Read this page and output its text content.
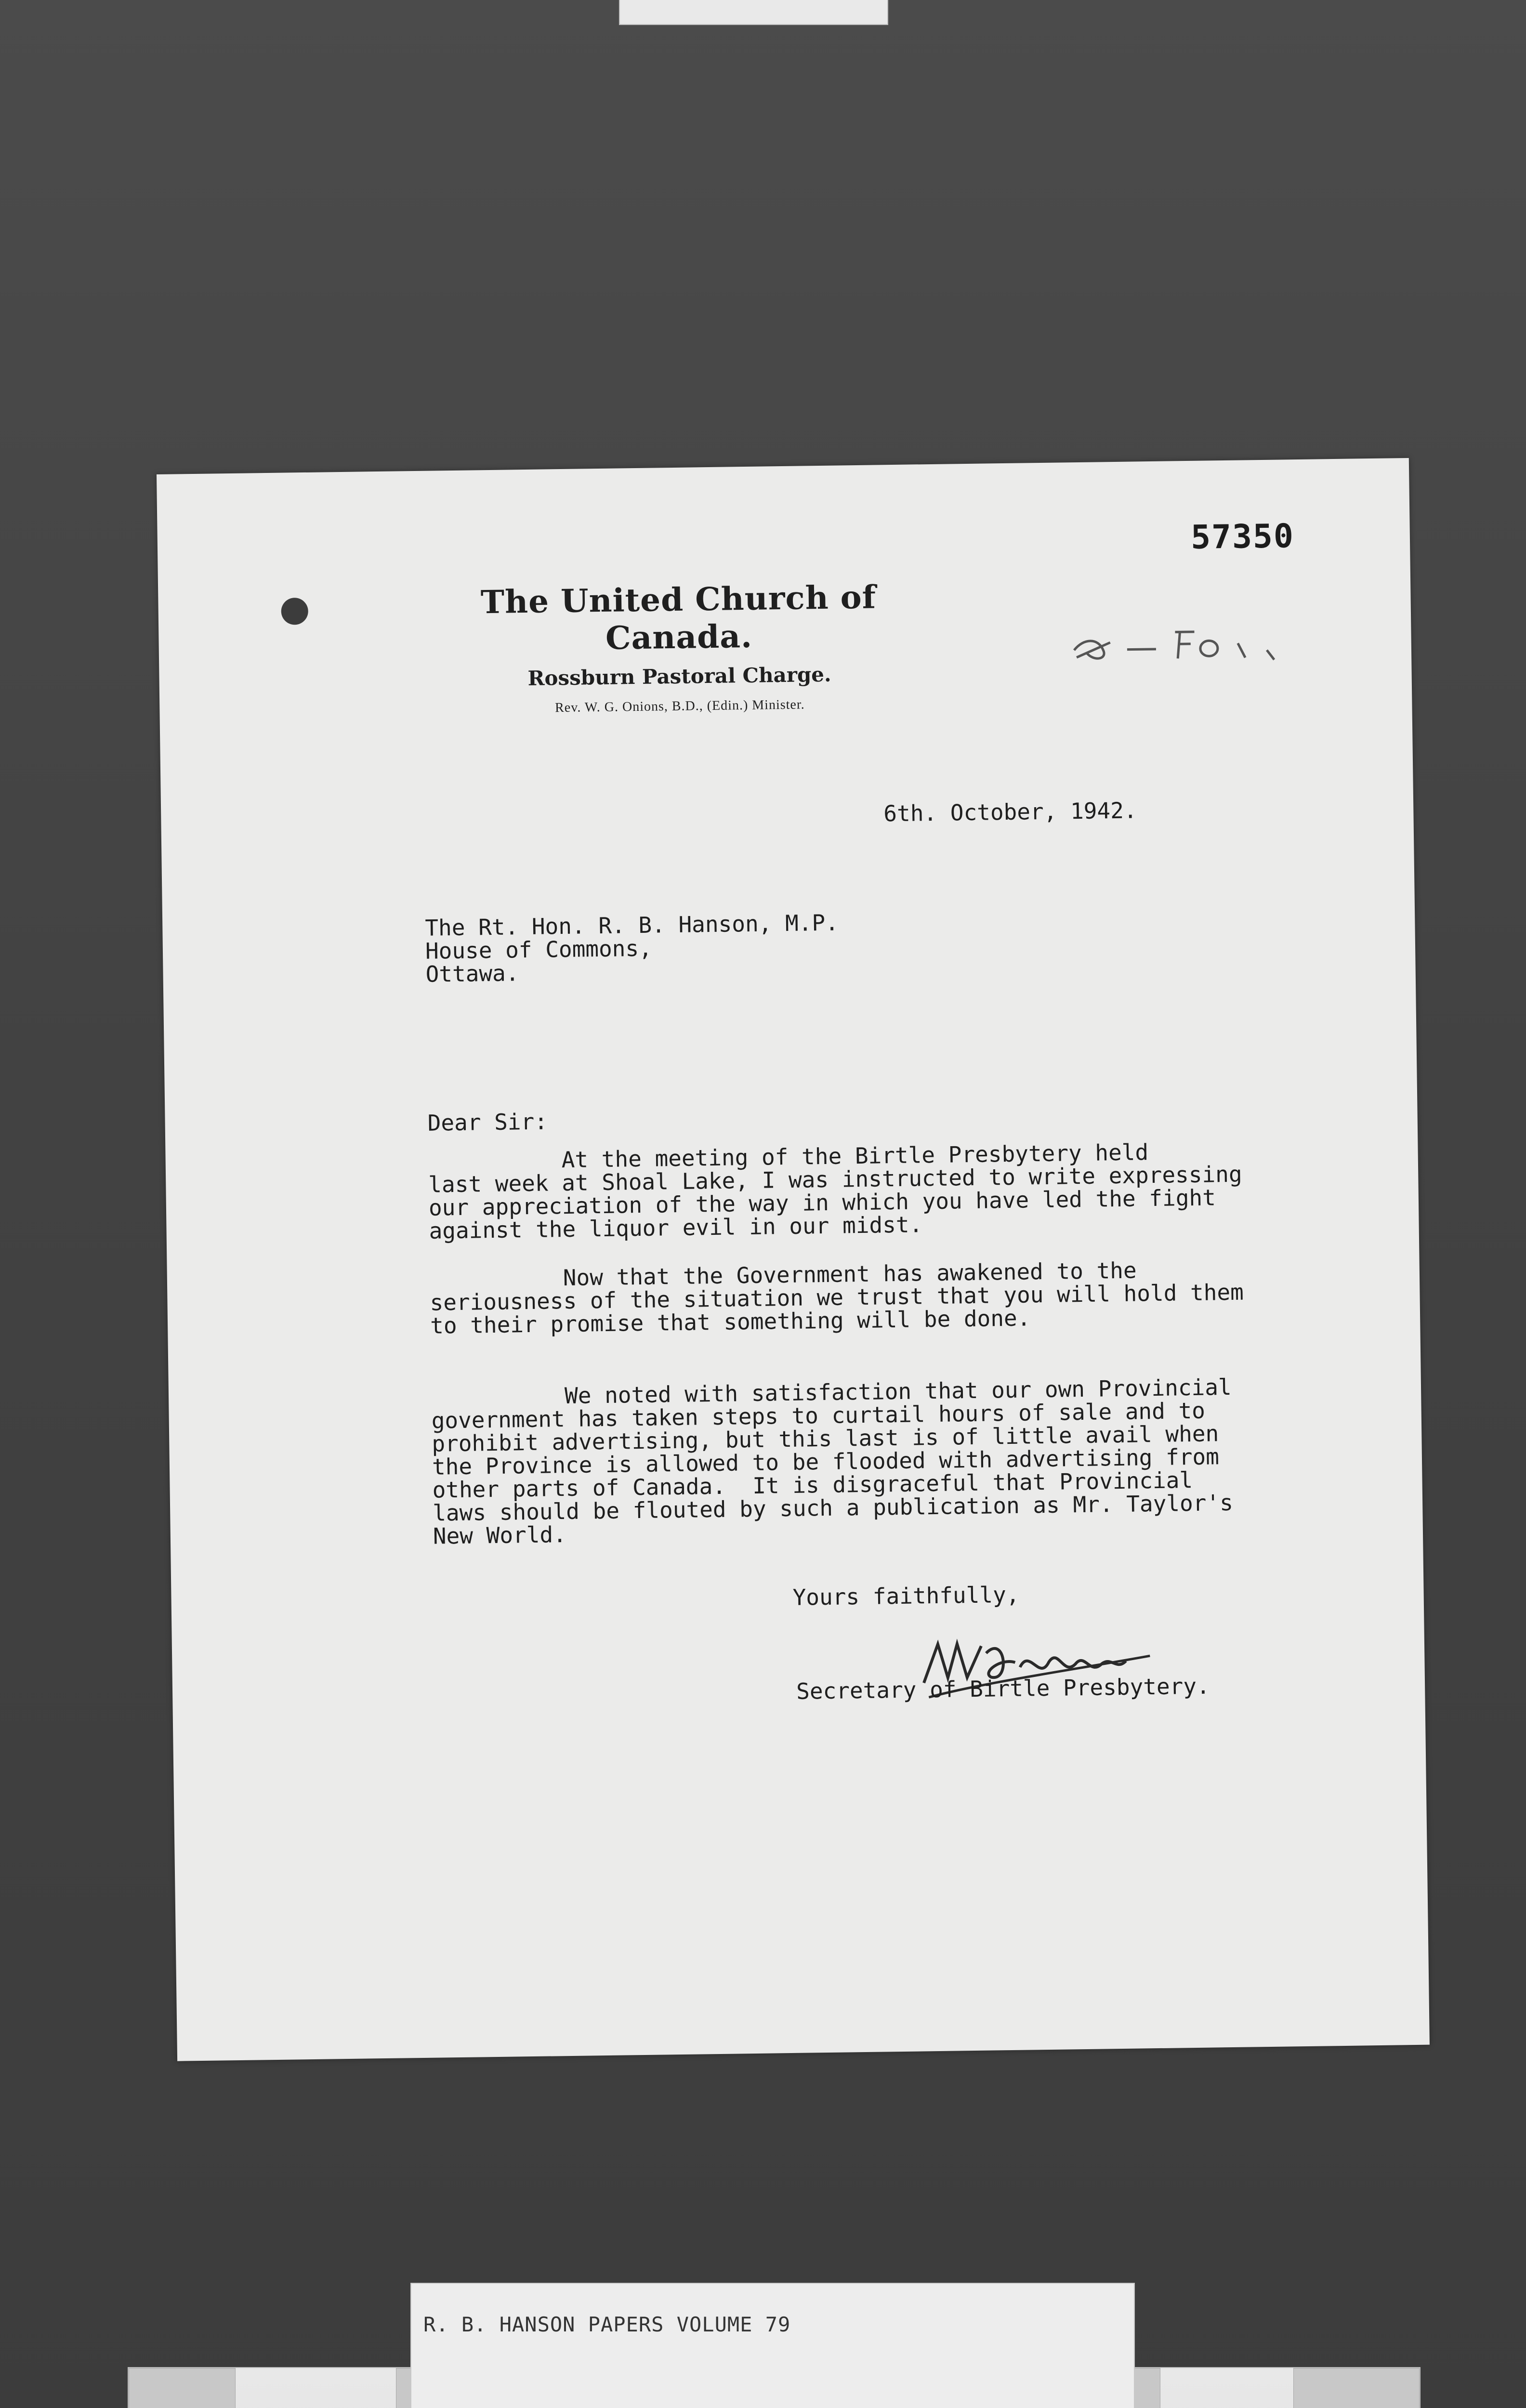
57350
The United Church of Canada.
Rossburn Pastoral Charge.
Rev. W. G. Onions, B.D., (Edin.) Minister.
6th. October, 1942.
The Rt. Hon. R. B. Hanson, M.P.
House of Commons,
Ottawa.
Dear Sir:
At the meeting of the Birtle Presbytery held
last week at Shoal Lake, I was instructed to write expressing
our appreciation of the way in which you have led the fight
against the liquor evil in our midst.
Now that the Government has awakened to the
seriousness of the situation we trust that you will hold them
to their promise that something will be done.
We noted with satisfaction that our own Provincial
government has taken steps to curtail hours of sale and to
prohibit advertising, but this last is of little avail when
the Province is allowed to be flooded with advertising from
other parts of Canada.  It is disgraceful that Provincial
laws should be flouted by such a publication as Mr. Taylor's
New World.
Yours faithfully,
Secretary of Birtle Presbytery.
R. B. HANSON PAPERS VOLUME 79
